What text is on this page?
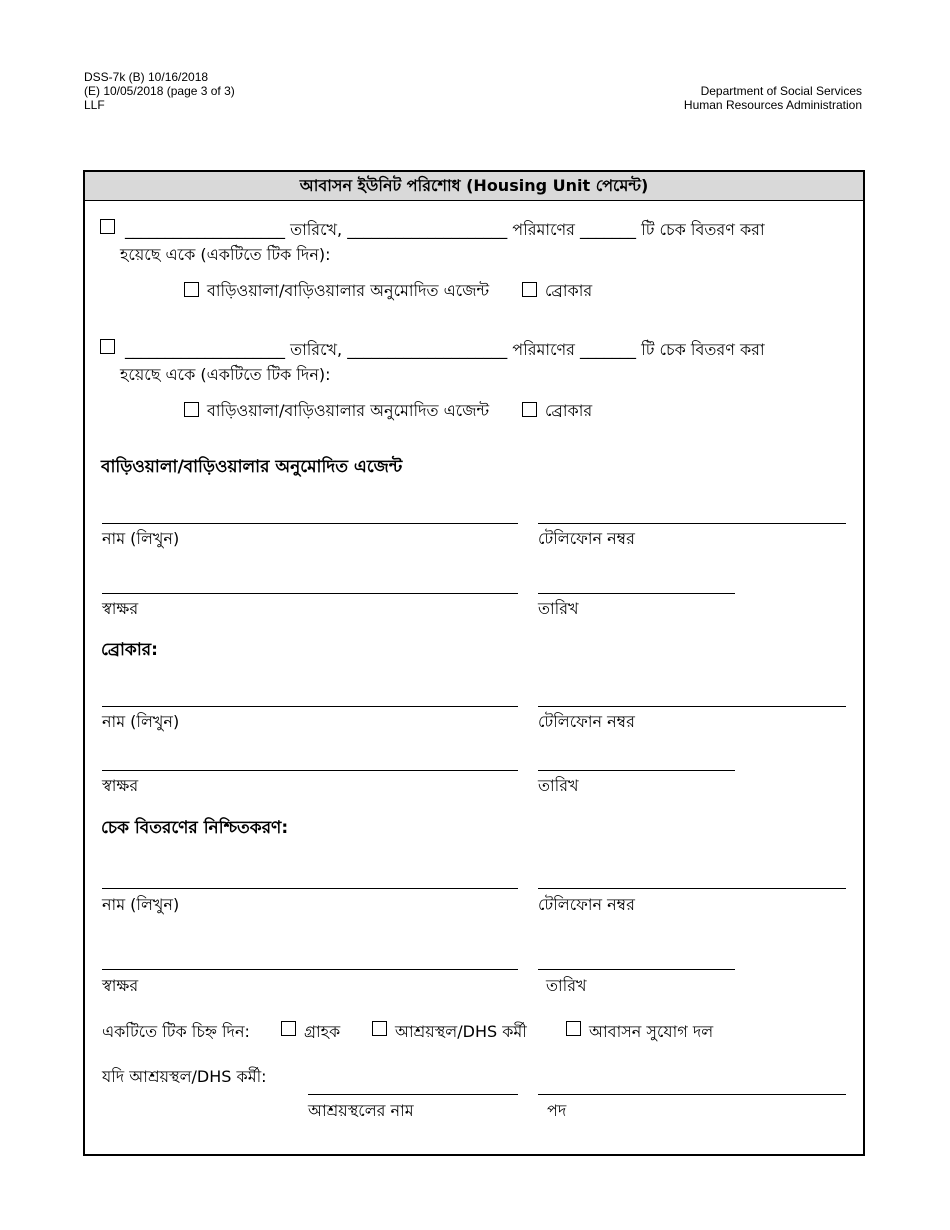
DSS-7k (B) 10/16/2018
(E) 10/05/2018 (page 3 of 3)
LLF
Department of Social Services
Human Resources Administration
আবাসন ইউনিট পরিশোধ (Housing Unit পেমেন্ট)
____________________ তারিখে, ____________________ পরিমাণের _______ টি চেক বিতরণ করা
হয়েছে একে (একটিতে টিক দিন):
বাড়িওয়ালা/বাড়িওয়ালার অনুমোদিত এজেন্ট	ব্রোকার
____________________ তারিখে, ____________________ পরিমাণের _______ টি চেক বিতরণ করা
হয়েছে একে (একটিতে টিক দিন):
বাড়িওয়ালা/বাড়িওয়ালার অনুমোদিত এজেন্ট	ব্রোকার
বাড়িওয়ালা/বাড়িওয়ালার অনুমোদিত এজেন্ট
নাম (লিখুন)	টেলিফোন নম্বর
স্বাক্ষর	তারিখ
ব্রোকার:
নাম (লিখুন)	টেলিফোন নম্বর
স্বাক্ষর	তারিখ
চেক বিতরণের নিশ্চিতকরণ:
নাম (লিখুন)	টেলিফোন নম্বর
স্বাক্ষর	তারিখ
একটিতে টিক চিহ্ন দিন:	গ্রাহক	আশ্রয়স্থল/DHS কর্মী	আবাসন সুযোগ দল
যদি আশ্রয়স্থল/DHS কর্মী:
আশ্রয়স্থলের নাম	পদ
